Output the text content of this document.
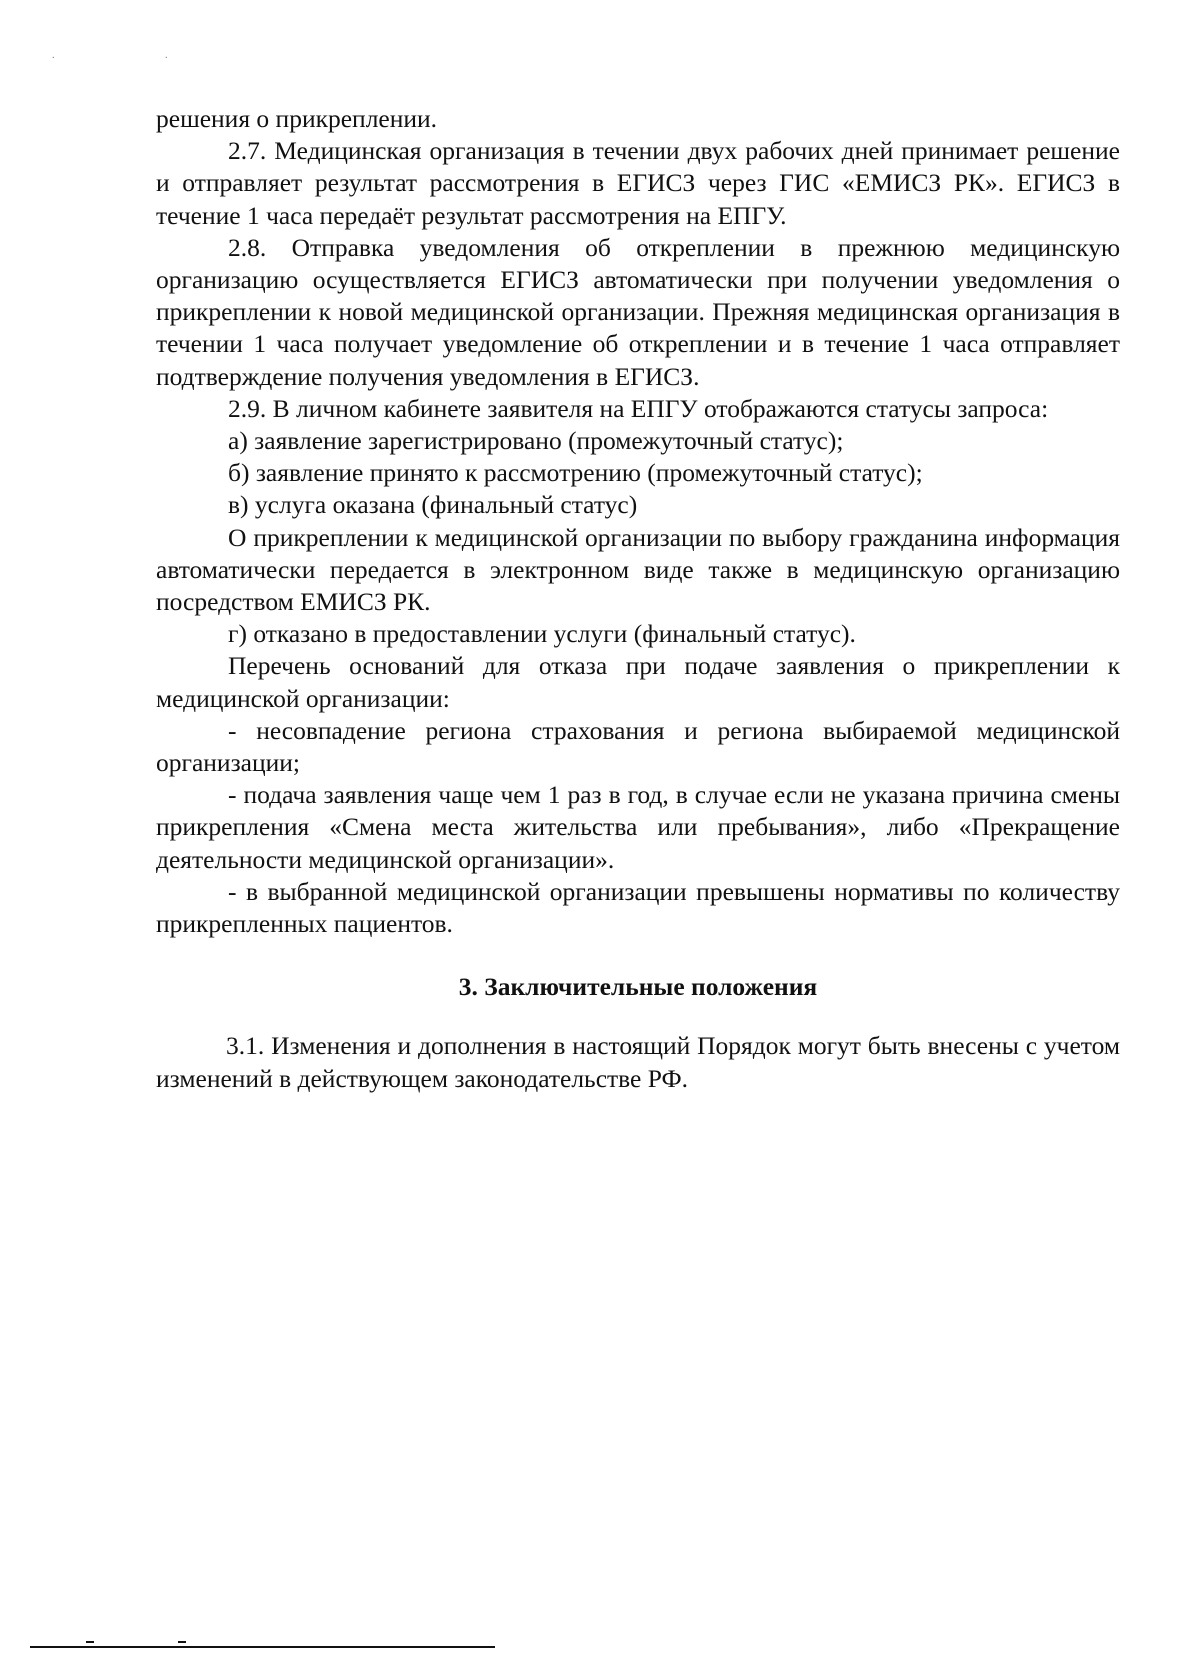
. .

решения о прикреплении.

2.7. Медицинская организация в течении двух рабочих дней принимает решение и отправляет результат рассмотрения в ЕГИСЗ через ГИС «ЕМИСЗ РК». ЕГИСЗ в течение 1 часа передаёт результат рассмотрения на ЕПГУ.

2.8. Отправка уведомления об откреплении в прежнюю медицинскую организацию осуществляется ЕГИСЗ автоматически при получении уведомления о прикреплении к новой медицинской организации. Прежняя медицинская организация в течении 1 часа получает уведомление об откреплении и в течение 1 часа отправляет подтверждение получения уведомления в ЕГИСЗ.

2.9. В личном кабинете заявителя на ЕПГУ отображаются статусы запроса:

а) заявление зарегистрировано (промежуточный статус);

б) заявление принято к рассмотрению (промежуточный статус);

в) услуга оказана (финальный статус)

О прикреплении к медицинской организации по выбору гражданина информация автоматически передается в электронном виде также в медицинскую организацию посредством ЕМИСЗ РК.

г) отказано в предоставлении услуги (финальный статус).

Перечень оснований для отказа при подаче заявления о прикреплении к медицинской организации:

- несовпадение региона страхования и региона выбираемой медицинской организации;

- подача заявления чаще чем 1 раз в год, в случае если не указана причина смены прикрепления «Смена места жительства или пребывания», либо «Прекращение деятельности медицинской организации».

- в выбранной медицинской организации превышены нормативы по количеству прикрепленных пациентов.

3. Заключительные положения

3.1. Изменения и дополнения в настоящий Порядок могут быть внесены с учетом изменений в действующем законодательстве РФ.
